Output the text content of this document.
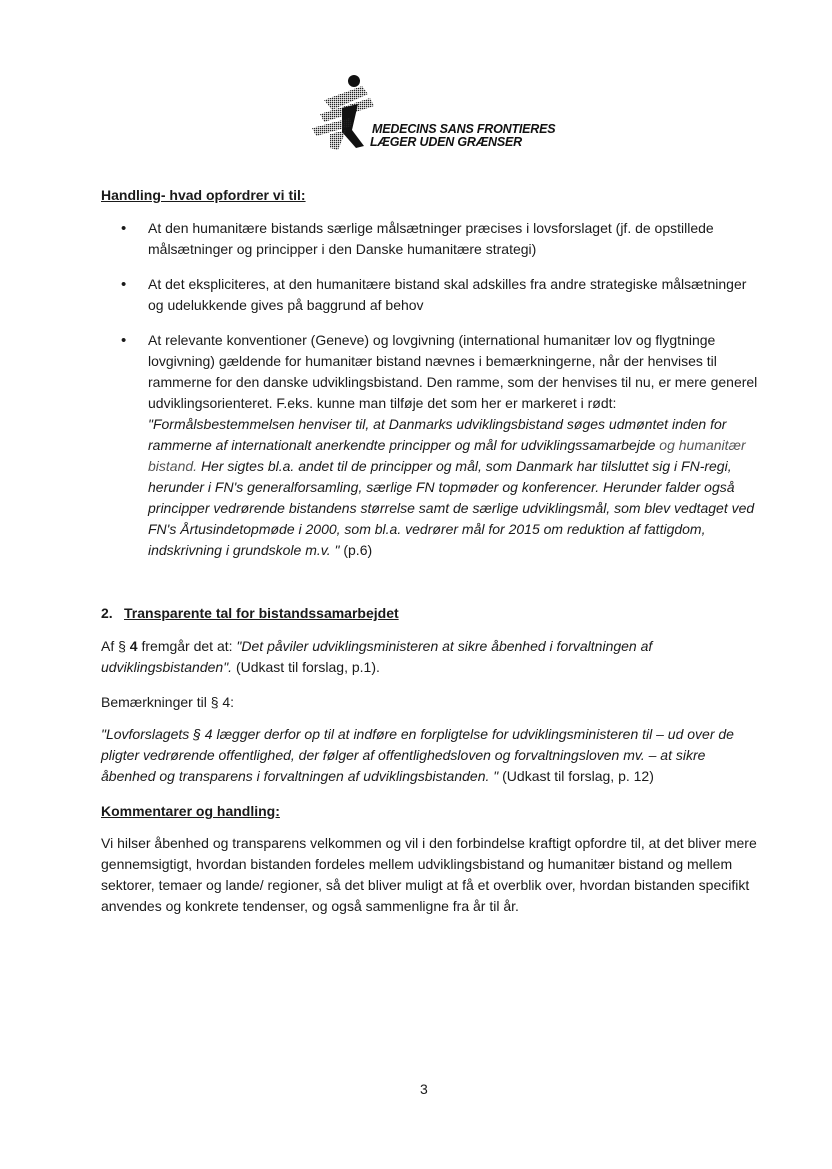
MEDECINS SANS FRONTIERES
LÆGER UDEN GRÆNSER
Handling- hvad opfordrer vi til:
• At den humanitære bistands særlige målsætninger præcises i lovsforslaget (jf. de opstillede målsætninger og principper i den Danske humanitære strategi)
• At det ekspliciteres, at den humanitære bistand skal adskilles fra andre strategiske målsætninger og udelukkende gives på baggrund af behov
• At relevante konventioner (Geneve) og lovgivning (international humanitær lov og flygtninge lovgivning) gældende for humanitær bistand nævnes i bemærkningerne, når der henvises til rammerne for den danske udviklingsbistand. Den ramme, som der henvises til nu, er mere generel udviklingsorienteret. F.eks. kunne man tilføje det som her er markeret i rødt: "Formålsbestemmelsen henviser til, at Danmarks udviklingsbistand søges udmøntet inden for rammerne af internationalt anerkendte principper og mål for udviklingssamarbejde og humanitær bistand. Her sigtes bl.a. andet til de principper og mål, som Danmark har tilsluttet sig i FN-regi, herunder i FN's generalforsamling, særlige FN topmøder og konferencer. Herunder falder også principper vedrørende bistandens størrelse samt de særlige udviklingsmål, som blev vedtaget ved FN's Årtusindetopmøde i 2000, som bl.a. vedrører mål for 2015 om reduktion af fattigdom, indskrivning i grundskole m.v. " (p.6)
2. Transparente tal for bistandssamarbejdet
Af § 4 fremgår det at: "Det påviler udviklingsministeren at sikre åbenhed i forvaltningen af udviklingsbistanden". (Udkast til forslag, p.1).
Bemærkninger til § 4:
"Lovforslagets § 4 lægger derfor op til at indføre en forpligtelse for udviklingsministeren til – ud over de pligter vedrørende offentlighed, der følger af offentlighedsloven og forvaltningsloven mv. – at sikre åbenhed og transparens i forvaltningen af udviklingsbistanden. " (Udkast til forslag, p. 12)
Kommentarer og handling:
Vi hilser åbenhed og transparens velkommen og vil i den forbindelse kraftigt opfordre til, at det bliver mere gennemsigtigt, hvordan bistanden fordeles mellem udviklingsbistand og humanitær bistand og mellem sektorer, temaer og lande/ regioner, så det bliver muligt at få et overblik over, hvordan bistanden specifikt anvendes og konkrete tendenser, og også sammenligne fra år til år.
3
